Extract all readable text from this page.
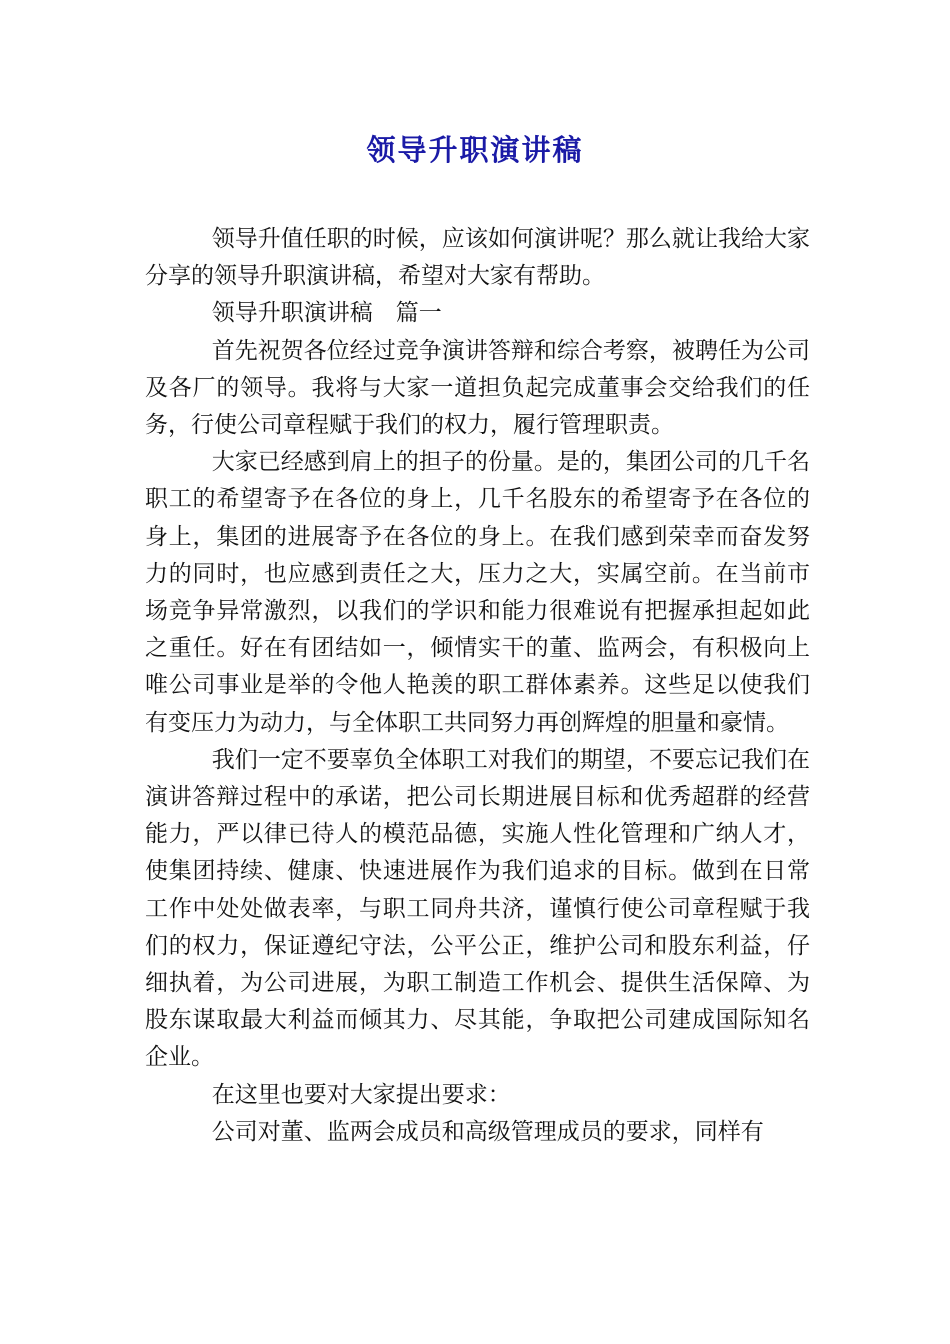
领导升职演讲稿

领导升值任职的时候，应该如何演讲呢？那么就让我给大家分享的领导升职演讲稿，希望对大家有帮助。

领导升职演讲稿　篇一

首先祝贺各位经过竞争演讲答辩和综合考察，被聘任为公司及各厂的领导。我将与大家一道担负起完成董事会交给我们的任务，行使公司章程赋于我们的权力，履行管理职责。

大家已经感到肩上的担子的份量。是的，集团公司的几千名职工的希望寄予在各位的身上，几千名股东的希望寄予在各位的身上，集团的进展寄予在各位的身上。在我们感到荣幸而奋发努力的同时，也应感到责任之大，压力之大，实属空前。在当前市场竞争异常激烈，以我们的学识和能力很难说有把握承担起如此之重任。好在有团结如一，倾情实干的董、监两会，有积极向上唯公司事业是举的令他人艳羡的职工群体素养。这些足以使我们有变压力为动力，与全体职工共同努力再创辉煌的胆量和豪情。

我们一定不要辜负全体职工对我们的期望，不要忘记我们在演讲答辩过程中的承诺，把公司长期进展目标和优秀超群的经营能力，严以律已待人的模范品德，实施人性化管理和广纳人才，使集团持续、健康、快速进展作为我们追求的目标。做到在日常工作中处处做表率，与职工同舟共济，谨慎行使公司章程赋于我们的权力，保证遵纪守法，公平公正，维护公司和股东利益，仔细执着，为公司进展，为职工制造工作机会、提供生活保障、为股东谋取最大利益而倾其力、尽其能，争取把公司建成国际知名企业。

在这里也要对大家提出要求：

公司对董、监两会成员和高级管理成员的要求，同样有
